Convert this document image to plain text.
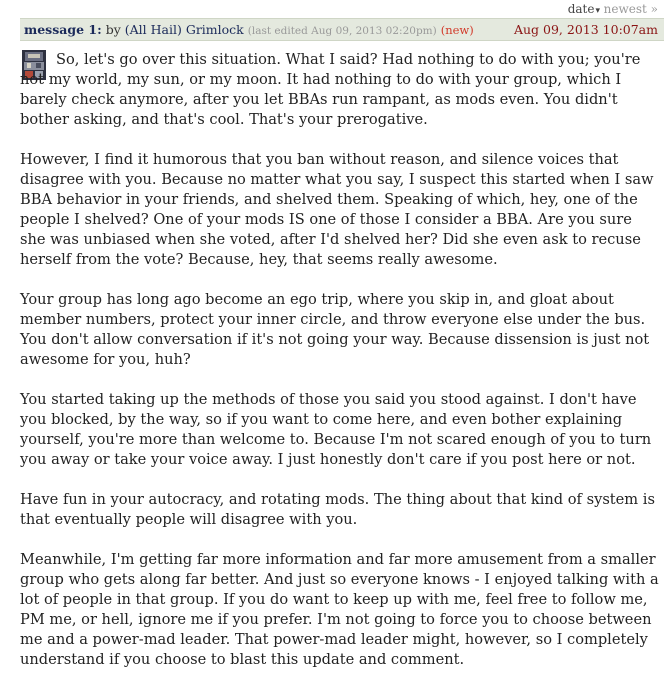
date▾ newest »
message 1: by (All Hail) Grimlock (last edited Aug 09, 2013 02:20pm) (new)	Aug 09, 2013 10:07am

So, let's go over this situation. What I said? Had nothing to do with you; you're not my world, my sun, or my moon. It had nothing to do with your group, which I barely check anymore, after you let BBAs run rampant, as mods even. You didn't bother asking, and that's cool. That's your prerogative.

However, I find it humorous that you ban without reason, and silence voices that disagree with you. Because no matter what you say, I suspect this started when I saw BBA behavior in your friends, and shelved them. Speaking of which, hey, one of the people I shelved? One of your mods IS one of those I consider a BBA. Are you sure she was unbiased when she voted, after I'd shelved her? Did she even ask to recuse herself from the vote? Because, hey, that seems really awesome.

Your group has long ago become an ego trip, where you skip in, and gloat about member numbers, protect your inner circle, and throw everyone else under the bus. You don't allow conversation if it's not going your way. Because dissension is just not awesome for you, huh?

You started taking up the methods of those you said you stood against. I don't have you blocked, by the way, so if you want to come here, and even bother explaining yourself, you're more than welcome to. Because I'm not scared enough of you to turn you away or take your voice away. I just honestly don't care if you post here or not.

Have fun in your autocracy, and rotating mods. The thing about that kind of system is that eventually people will disagree with you.

Meanwhile, I'm getting far more information and far more amusement from a smaller group who gets along far better. And just so everyone knows - I enjoyed talking with a lot of people in that group. If you do want to keep up with me, feel free to follow me, PM me, or hell, ignore me if you prefer. I'm not going to force you to choose between me and a power-mad leader. That power-mad leader might, however, so I completely understand if you choose to blast this update and comment.
